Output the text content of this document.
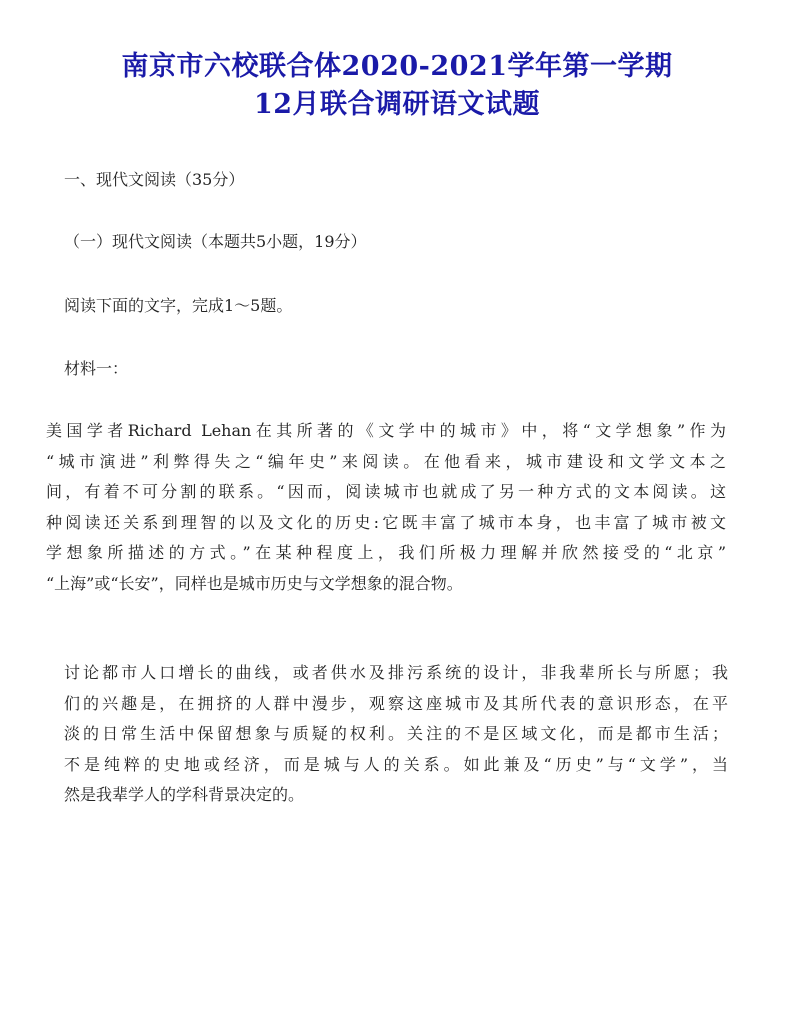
南京市六校联合体2020-2021学年第一学期
12月联合调研语文试题
一、现代文阅读（35分）
（一）现代文阅读（本题共5小题，19分）
阅读下面的文字，完成1～5题。
材料一：
美国学者Richard Lehan在其所著的《文学中的城市》中，将“文学想象”作为
“城市演进”利弊得失之“编年史”来阅读。在他看来，城市建设和文学文本之
间，有着不可分割的联系。“因而，阅读城市也就成了另一种方式的文本阅读。这
种阅读还关系到理智的以及文化的历史:它既丰富了城市本身，也丰富了城市被文
学想象所描述的方式。”在某种程度上，我们所极力理解并欣然接受的“北京”
“上海”或“长安”，同样也是城市历史与文学想象的混合物。
讨论都市人口增长的曲线，或者供水及排污系统的设计，非我辈所长与所愿；我
们的兴趣是，在拥挤的人群中漫步，观察这座城市及其所代表的意识形态，在平
淡的日常生活中保留想象与质疑的权利。关注的不是区域文化，而是都市生活；
不是纯粹的史地或经济，而是城与人的关系。如此兼及“历史”与“文学”，当
然是我辈学人的学科背景决定的。
